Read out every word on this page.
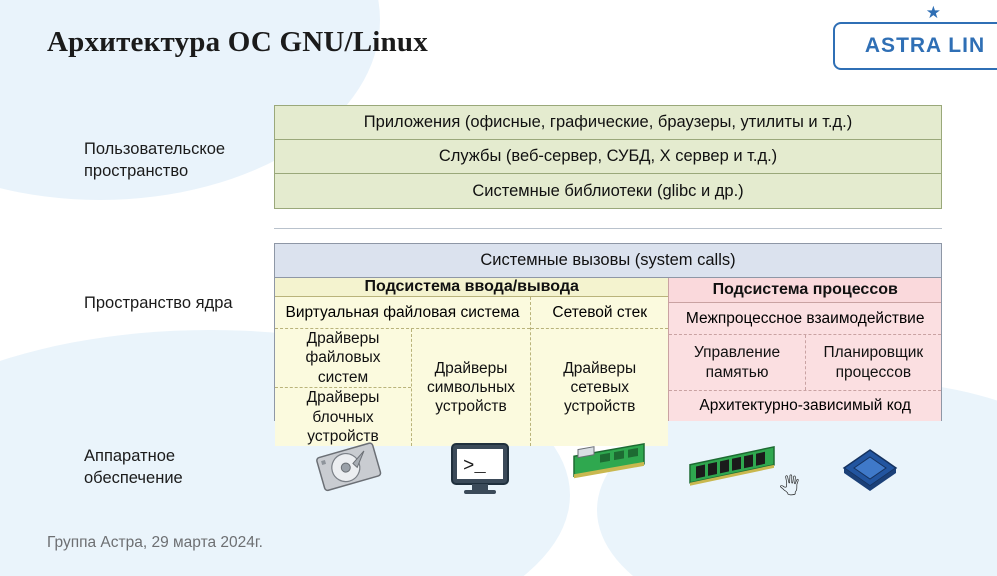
Архитектура ОС GNU/Linux	ASTRA LIN
★
Пользовательское пространство
Пространство ядра
Аппаратное обеспечение
Приложения (офисные, графические, браузеры, утилиты и т.д.)
Службы (веб-сервер, СУБД, X сервер и т.д.)
Системные библиотеки (glibc и др.)
Системные вызовы (system calls)
Подсистема ввода/вывода
Виртуальная файловая система
Драйверы файловых систем
Драйверы блочных устройств
Драйверы символьных устройств
Сетевой стек
Драйверы сетевых устройств
Подсистема процессов
Межпроцессное взаимодействие
Управление памятью
Планировщик процессов
Архитектурно-зависимый код
>_
🖑
Группа Астра, 29 марта 2024г.
